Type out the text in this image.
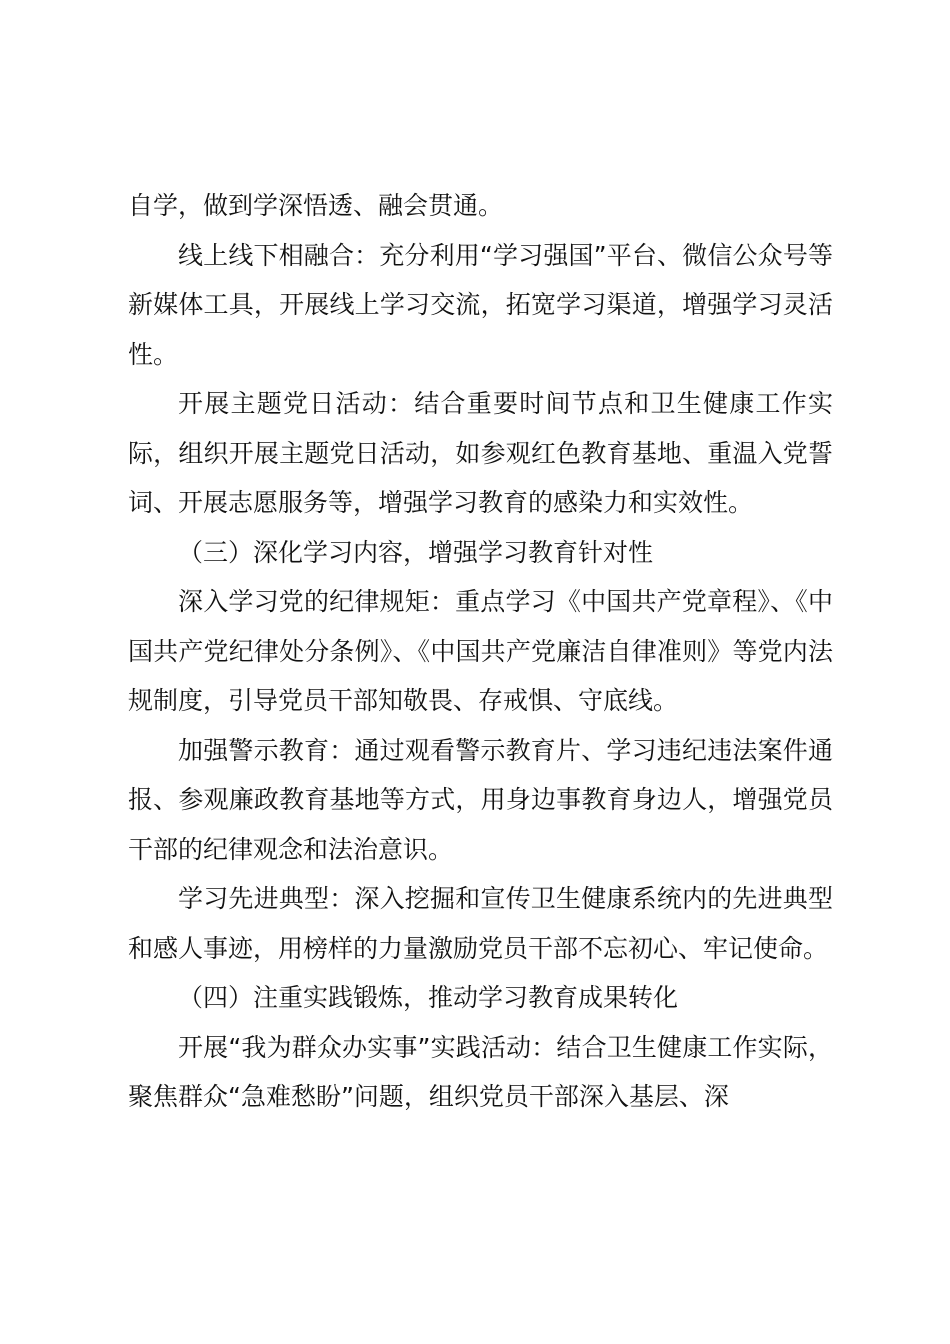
自学，做到学深悟透、融会贯通。

线上线下相融合：充分利用“学习强国”平台、微信公众号等新媒体工具，开展线上学习交流，拓宽学习渠道，增强学习灵活性。

开展主题党日活动：结合重要时间节点和卫生健康工作实际，组织开展主题党日活动，如参观红色教育基地、重温入党誓词、开展志愿服务等，增强学习教育的感染力和实效性。

（三）深化学习内容，增强学习教育针对性

深入学习党的纪律规矩：重点学习《中国共产党章程》、《中国共产党纪律处分条例》、《中国共产党廉洁自律准则》等党内法规制度，引导党员干部知敬畏、存戒惧、守底线。

加强警示教育：通过观看警示教育片、学习违纪违法案件通报、参观廉政教育基地等方式，用身边事教育身边人，增强党员干部的纪律观念和法治意识。

学习先进典型：深入挖掘和宣传卫生健康系统内的先进典型和感人事迹，用榜样的力量激励党员干部不忘初心、牢记使命。

（四）注重实践锻炼，推动学习教育成果转化

开展“我为群众办实事”实践活动：结合卫生健康工作实际，聚焦群众“急难愁盼”问题，组织党员干部深入基层、深
